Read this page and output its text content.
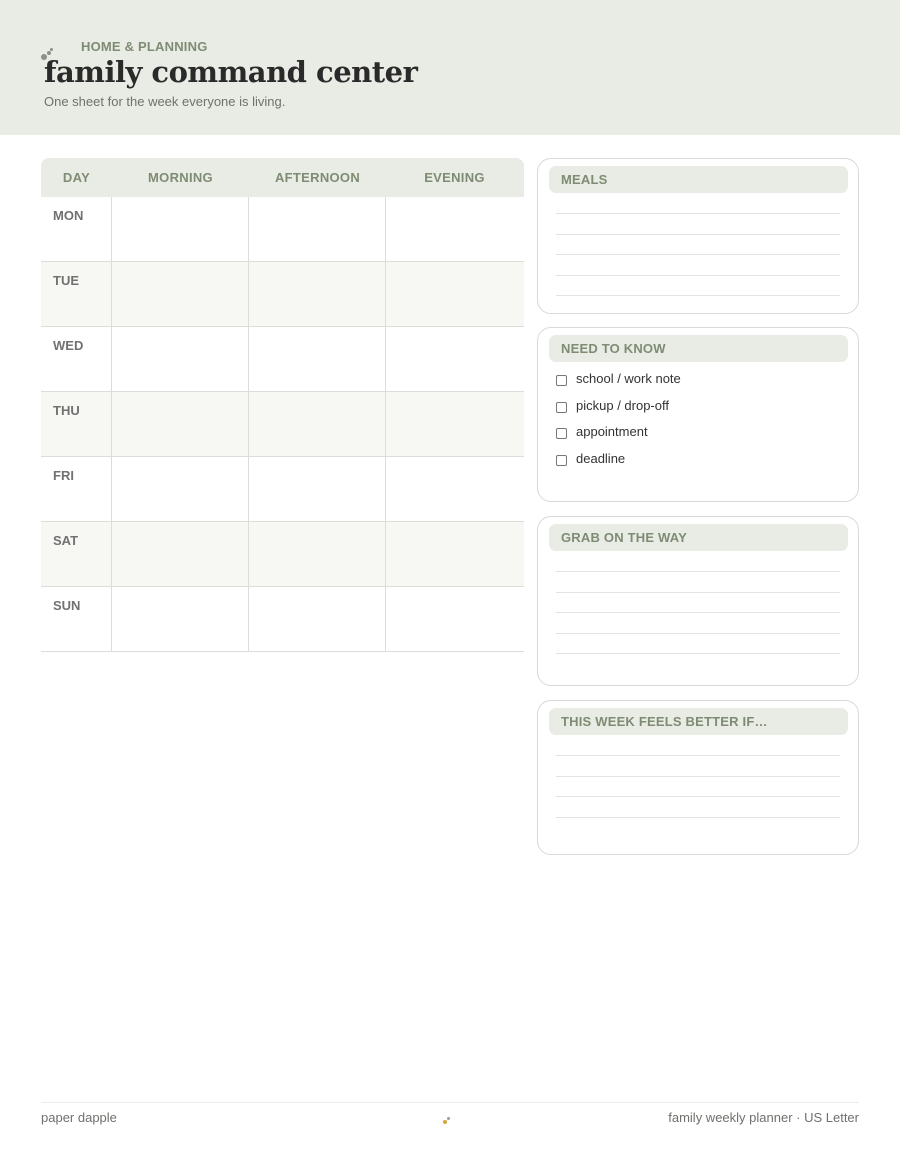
HOME & PLANNING
family command center
One sheet for the week everyone is living.
DAY	MORNING	AFTERNOON	EVENING
MON
TUE
WED
THU
FRI
SAT
SUN
MEALS
NEED TO KNOW
school / work note
pickup / drop-off
appointment
deadline
GRAB ON THE WAY
THIS WEEK FEELS BETTER IF…
paper dapple	family weekly planner · US Letter
